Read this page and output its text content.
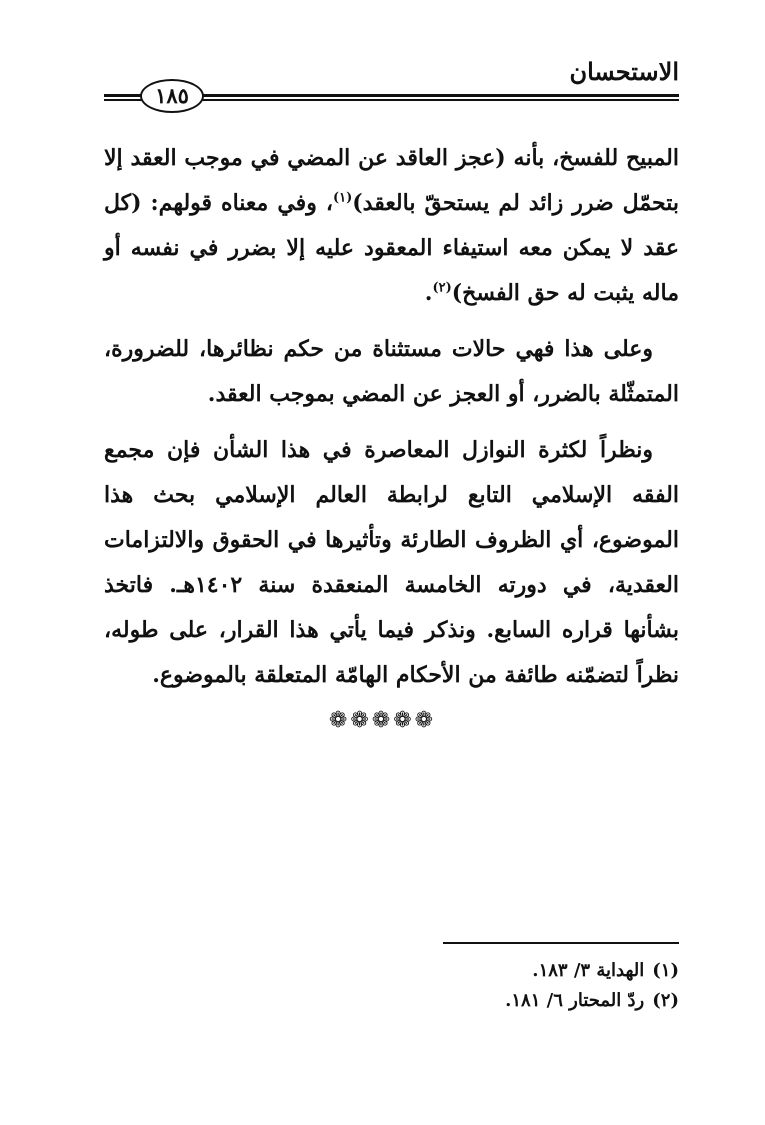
الاستحسان
١٨٥

المبيح للفسخ، بأنه (عجز العاقد عن المضي في موجب العقد إلا بتحمّل ضرر زائد لم يستحقّ بالعقد)$^{(١)}$، وفي معناه قولهم: (كل عقد لا يمكن معه استيفاء المعقود عليه إلا بضرر في نفسه أو ماله يثبت له حق الفسخ)$^{(٢)}$.

وعلى هذا فهي حالات مستثناة من حكم نظائرها، للضرورة، المتمثّلة بالضرر، أو العجز عن المضي بموجب العقد.

ونظراً لكثرة النوازل المعاصرة في هذا الشأن فإن مجمع الفقه الإسلامي التابع لرابطة العالم الإسلامي بحث هذا الموضوع، أي الظروف الطارئة وتأثيرها في الحقوق والالتزامات العقدية، في دورته الخامسة المنعقدة سنة ١٤٠٢هـ. فاتخذ بشأنها قراره السابع. ونذكر فيما يأتي هذا القرار، على طوله، نظراً لتضمّنه طائفة من الأحكام الهامّة المتعلقة بالموضوع.

❁❁❁❁❁

(١)الهداية ٣/ ١٨٣.

(٢)ردّ المحتار ٦/ ١٨١.
